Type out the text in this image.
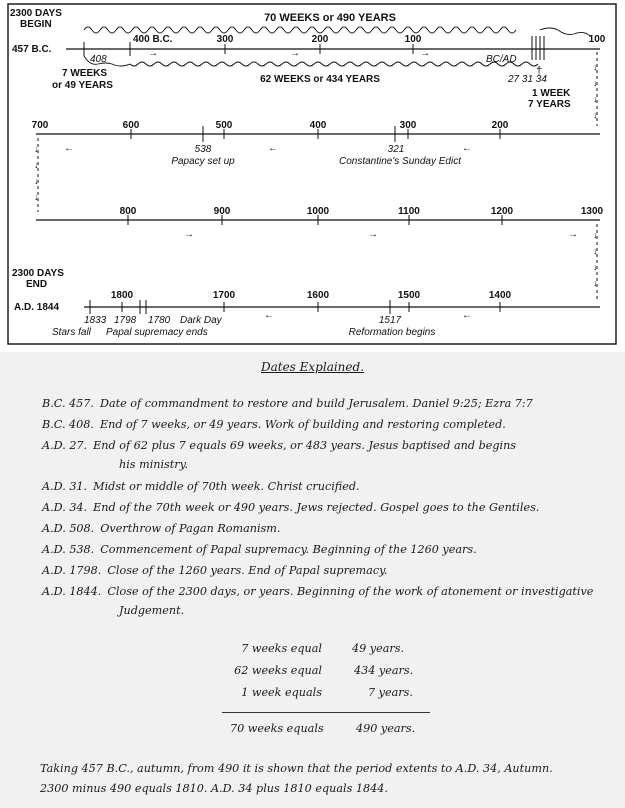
2300 DAYS
BEGIN
70 WEEKS or 490 YEARS
457 B.C.
400 B.C.	300	200	100	100
408	BC/AD
→	→	→
7 WEEKS
or 49 YEARS
62 WEEKS or 434 YEARS	27 31 34
†
1 WEEK
7 YEARS
↓
↓
↓
↓
700	600	500	400	300	200
538	321
←	←	←
Papacy set up	Constantine's Sunday Edict
↓
↓
↓
↓
800	900	1000	1100	1200	1300
→	→	→ ↓
↓
↓
↓
2300 DAYS
END
1800	1700	1600	1500	1400
A.D. 1844
←	←
1833 1798 1780 Dark Day	1517
Stars fall Papal supremacy ends	Reformation begins
Dates Explained.
B.C. 457. Date of commandment to restore and build Jerusalem. Daniel 9:25; Ezra 7:7
B.C. 408. End of 7 weeks, or 49 years. Work of building and restoring completed.
A.D. 27. End of 62 plus 7 equals 69 weeks, or 483 years. Jesus baptised and begins
his ministry.
A.D. 31. Midst or middle of 70th week. Christ crucified.
A.D. 34. End of the 70th week or 490 years. Jews rejected. Gospel goes to the Gentiles.
A.D. 508. Overthrow of Pagan Romanism.
A.D. 538. Commencement of Papal supremacy. Beginning of the 1260 years.
A.D. 1798. Close of the 1260 years. End of Papal supremacy.
A.D. 1844. Close of the 2300 days, or years. Beginning of the work of atonement or investigative
Judgement.
7 weeks equal	49 years.
62 weeks equal	434 years.
1 week equals	7 years.
70 weeks equals	490 years.
Taking 457 B.C., autumn, from 490 it is shown that the period extents to A.D. 34, Autumn.
2300 minus 490 equals 1810. A.D. 34 plus 1810 equals 1844.
